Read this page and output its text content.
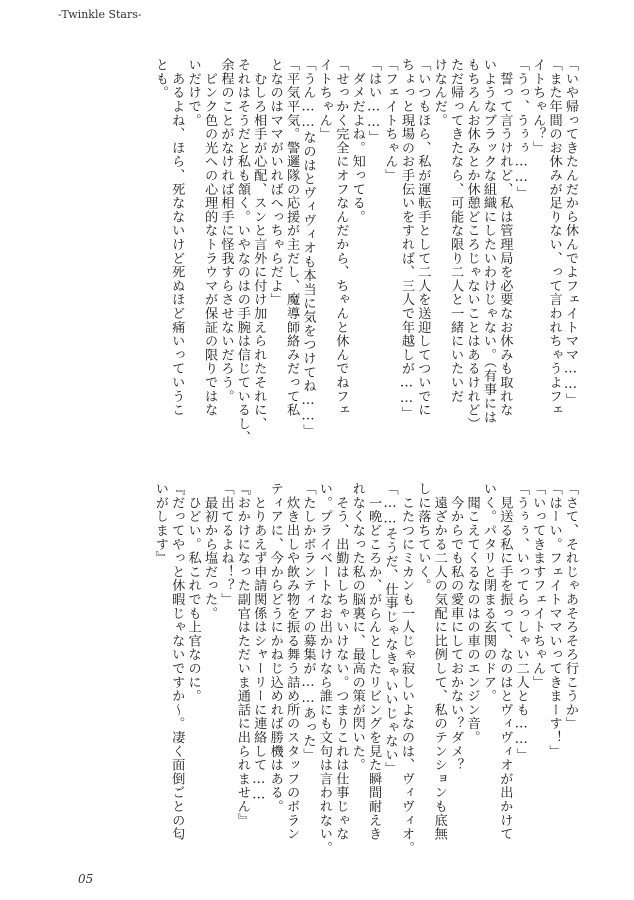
-Twinkle Stars-
「いや帰ってきたんだから休んでよフェイトママ……」
「また年間のお休みが足りない、って言われちゃうよフェ
イトちゃん？」
「うっ、うぅぅ……」
　誓って言うけれど、私は管理局を必要なお休みも取れな
いようなブラックな組織にしたいわけじゃない。（有事には
もちろんお休みとか休憩どころじゃないことはあるけれど）
ただ帰ってきたなら、可能な限り二人と一緒にいたいだ
けなんだ。
「いつもほら、私が運転手として二人を送迎してついでに
ちょっと現場のお手伝いをすれば、三人で年越しが……」
「フェイトちゃん」
「はい……」
　ダメだよね。知ってる。
「せっかく完全にオフなんだから、ちゃんと休んでねフェ
イトちゃん」
「うん……なのはとヴィヴィオも本当に気をつけてね……」
「平気平気。警邏隊の応援が主だし、魔導師絡みだって私
となのはママがいればへっちゃらだよ」
　むしろ相手が心配、スンと言外に付け加えられたそれに、
それはそうだと私も頷く。いやなのはの手腕は信じているし、
余程のことがなければ相手に怪我すらさせないだろう。
　ピンク色の光への心理的なトラウマが保証の限りではな
いだけで。
　あるよね、ほら、死なないけど死ぬほど痛いっていうこ
とも。
「さて、それじゃあそろそろ行こうか」
「はーい。フェイトママいってきまーす！」
「いってきますフェイトちゃん」
「うぅぅ、いってらっしゃい二人とも……」
　見送る私に手を振って、なのはとヴィヴィオが出かけて
いく。パタリと閉まる玄関のドア。
　聞こえてくるなのはの車のエンジン音。
　今からでも私の愛車にしておかない？ダメ？
　遠ざかる二人の気配に比例して、私のテンションも底無
しに落ちていく。
　こたつにミカンも一人じゃ寂しいよなのは、ヴィヴィオ。
「……そうだ、仕事じゃなきゃいいじゃない」
　一晩どころか、がらんとしたリビングを見た瞬間耐えき
れなくなった私の脳裏に、最高の策が閃いた。
　そう、出勤はしちゃいけない。つまりこれは仕事じゃな
い。プライベートなお出かけなら誰にも文句は言われない。
「たしかボランティアの募集が……あった」
　炊き出しや飲み物を振る舞う詰め所のスタッフのボラン
ティアに、今からどうにかねじ込めれば勝機はある。
　とりあえず申請関係はシャーリーに連絡して……
『おかけになった副官はただいま通話に出られません』
「出てるよね！？」
　最初から塩だった。
　ひどい。私これでも上官なのに。
『だってやっと休暇じゃないですか～。凄く面倒ごとの匂
いがします』
05
